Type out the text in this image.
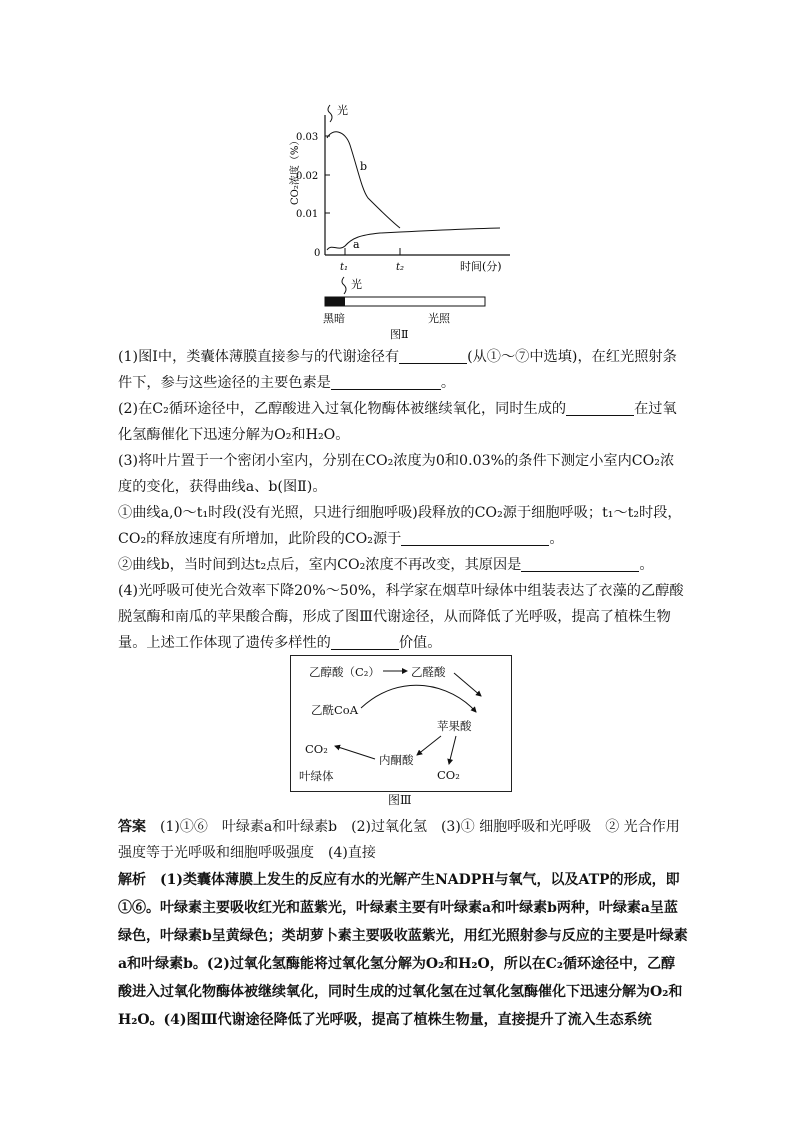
光
CO₂浓度（%）
0.03
0.02
0.01
0
b
a
t₁	t₂	时间(分)
光
黑暗	光照
图Ⅱ
(1)图Ⅰ中，类囊体薄膜直接参与的代谢途径有	(从①～⑦中选填)，在红光照射条件下，参与这些途径的主要色素是	。
(2)在C₂循环途径中，乙醇酸进入过氧化物酶体被继续氧化，同时生成的	在过氧化氢酶催化下迅速分解为O₂和H₂O。
(3)将叶片置于一个密闭小室内，分别在CO₂浓度为0和0.03%的条件下测定小室内CO₂浓度的变化，获得曲线a、b(图Ⅱ)。
①曲线a,0～t₁时段(没有光照，只进行细胞呼吸)段释放的CO₂源于细胞呼吸；t₁～t₂时段，CO₂的释放速度有所增加，此阶段的CO₂源于	。
②曲线b，当时间到达t₂点后，室内CO₂浓度不再改变，其原因是	。
(4)光呼吸可使光合效率下降20%～50%，科学家在烟草叶绿体中组装表达了衣藻的乙醇酸脱氢酶和南瓜的苹果酸合酶，形成了图Ⅲ代谢途径，从而降低了光呼吸，提高了植株生物量。上述工作体现了遗传多样性的	价值。
乙醇酸（C₂）	乙醛酸
乙酰CoA
苹果酸
CO₂
内酮酸
CO₂
叶绿体
图Ⅲ
答案　 (1)①⑥　叶绿素a和叶绿素b　(2)过氧化氢　(3)① 细胞呼吸和光呼吸　② 光合作用
强度等于光呼吸和细胞呼吸强度　(4)直接
解析　 (1)类囊体薄膜上发生的反应有水的光解产生NADPH与氧气，以及ATP的形成，即①⑥。叶绿素主要吸收红光和蓝紫光，叶绿素主要有叶绿素a和叶绿素b两种，叶绿素a呈蓝绿色，叶绿素b呈黄绿色；类胡萝卜素主要吸收蓝紫光，用红光照射参与反应的主要是叶绿素a和叶绿素b。(2)过氧化氢酶能将过氧化氢分解为O₂和H₂O，所以在C₂循环途径中，乙醇酸进入过氧化物酶体被继续氧化，同时生成的过氧化氢在过氧化氢酶催化下迅速分解为O₂和H₂O。(4)图Ⅲ代谢途径降低了光呼吸，提高了植株生物量，直接提升了流入生态系统
